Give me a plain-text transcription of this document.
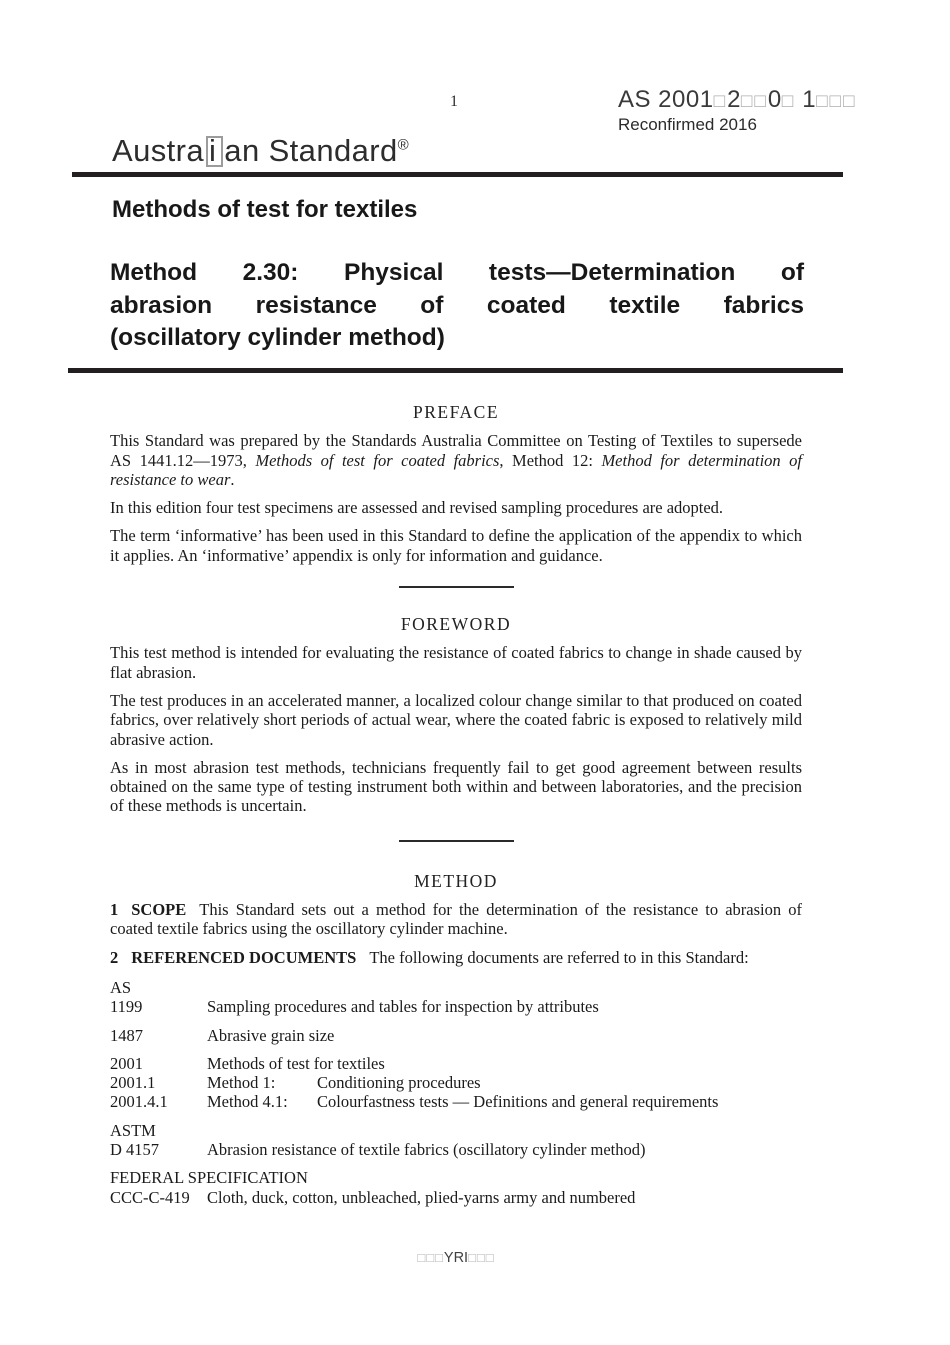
1	AS 2001□2□□0□ 1□□□
Reconfirmed 2016
Austra i an Standard®
Methods of test for textiles
Method 2.30: Physical tests—Determination of
abrasion resistance of coated textile fabrics
(oscillatory cylinder method)
PREFACE

This Standard was prepared by the Standards Australia Committee on Testing of Textiles to supersede AS 1441.12—1973, Methods of test for coated fabrics, Method 12: Method for determination of resistance to wear.

In this edition four test specimens are assessed and revised sampling procedures are adopted.

The term ‘informative’ has been used in this Standard to define the application of the appendix to which it applies. An ‘informative’ appendix is only for information and guidance.

FOREWORD

This test method is intended for evaluating the resistance of coated fabrics to change in shade caused by flat abrasion.

The test produces in an accelerated manner, a localized colour change similar to that produced on coated fabrics, over relatively short periods of actual wear, where the coated fabric is exposed to relatively mild abrasive action.

As in most abrasion test methods, technicians frequently fail to get good agreement between results obtained on the same type of testing instrument both within and between laboratories, and the precision of these methods is uncertain.

METHOD

1 SCOPE This Standard sets out a method for the determination of the resistance to abrasion of coated textile fabrics using the oscillatory cylinder machine.

2 REFERENCED DOCUMENTS The following documents are referred to in this Standard:

AS
1199	Sampling procedures and tables for inspection by attributes
1487	Abrasive grain size
2001	Methods of test for textiles
2001.1	Method 1:	Conditioning procedures
2001.4.1	Method 4.1:	Colourfastness tests — Definitions and general requirements
ASTM
D 4157	Abrasion resistance of textile fabrics (oscillatory cylinder method)
FEDERAL SPECIFICATION
CCC-C-419	Cloth, duck, cotton, unbleached, plied-yarns army and numbered
□□□YRI□□□
